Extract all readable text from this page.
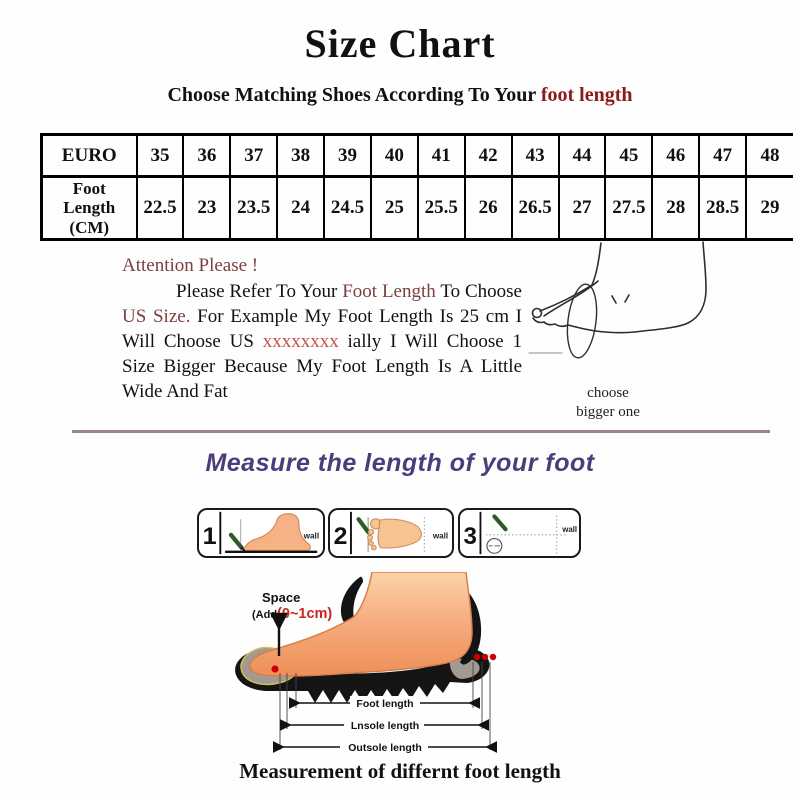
Size Chart
Choose Matching Shoes According To Your foot length
EURO	35	36	37	38	39	40	41	42	43	44	45	46	47	48
Foot Length (CM)	22.5	23	23.5	24	24.5	25	25.5	26	26.5	27	27.5	28	28.5	29
Attention Please !

Please Refer To Your Foot Length To Choose US Size. For Example My Foot Length Is 25 cm I Will Choose US xxxxxxxx ially I Will Choose 1 Size Bigger Because My Foot Length Is A Little Wide And Fat	choose
bigger one
Measure the length of your foot
1	wall 2	wall 3	wall
Space
(Add(0~1cm)
Foot length
Lnsole length
Outsole length
Measurement of differnt foot length
